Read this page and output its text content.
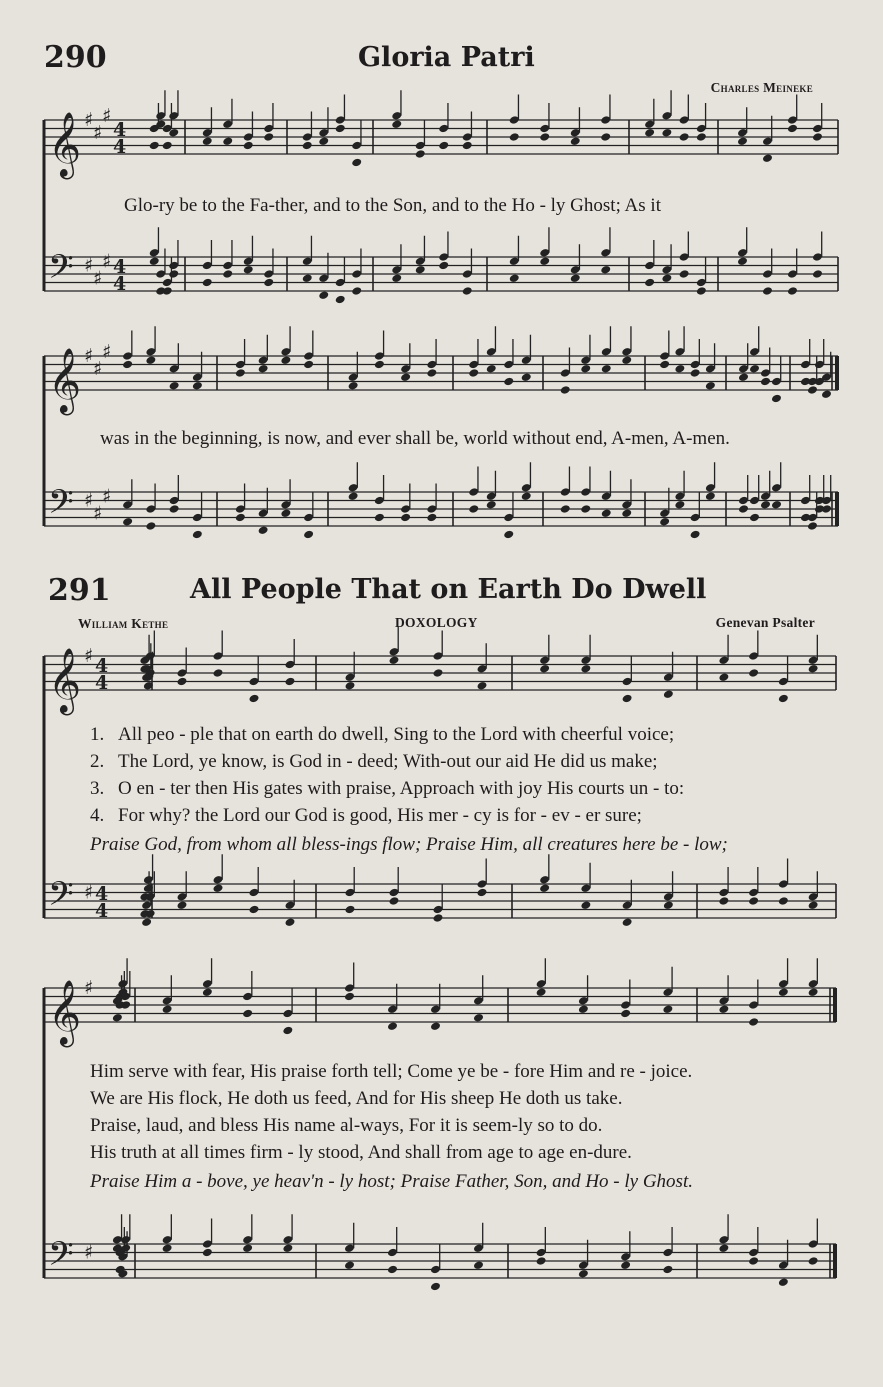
290	Gloria Patri
Charles Meineke
𝄞 ♯
♯
♯
4
4
𝄢 ♯
♯
♯ 4
4
𝄞 ♯
♯
♯
𝄢 ♯
♯
♯
𝄞 ♯ 4
4
𝄢 ♯ 4
4
𝄞 ♯
𝄢 ♯
Glo-ry be to the Fa-ther, and to the Son, and to the Ho - ly Ghost; As it
was in the beginning, is now, and ever shall be, world without end, A-men, A-men.
291	All People That on Earth Do Dwell
William Kethe	DOXOLOGY	Genevan Psalter
1. All peo - ple that on earth do dwell, Sing to the Lord with cheerful voice;
2. The Lord, ye know, is God in - deed; With-out our aid He did us make;
3. O en - ter then His gates with praise, Approach with joy His courts un - to:
4. For why? the Lord our God is good, His mer - cy is for - ev - er sure;
Praise God, from whom all bless-ings flow; Praise Him, all creatures here be - low;
Him serve with fear, His praise forth tell; Come ye be - fore Him and re - joice.
We are His flock, He doth us feed, And for His sheep He doth us take.
Praise, laud, and bless His name al-ways, For it is seem-ly so to do.
His truth at all times firm - ly stood, And shall from age to age en-dure.
Praise Him a - bove, ye heav'n - ly host; Praise Father, Son, and Ho - ly Ghost.
